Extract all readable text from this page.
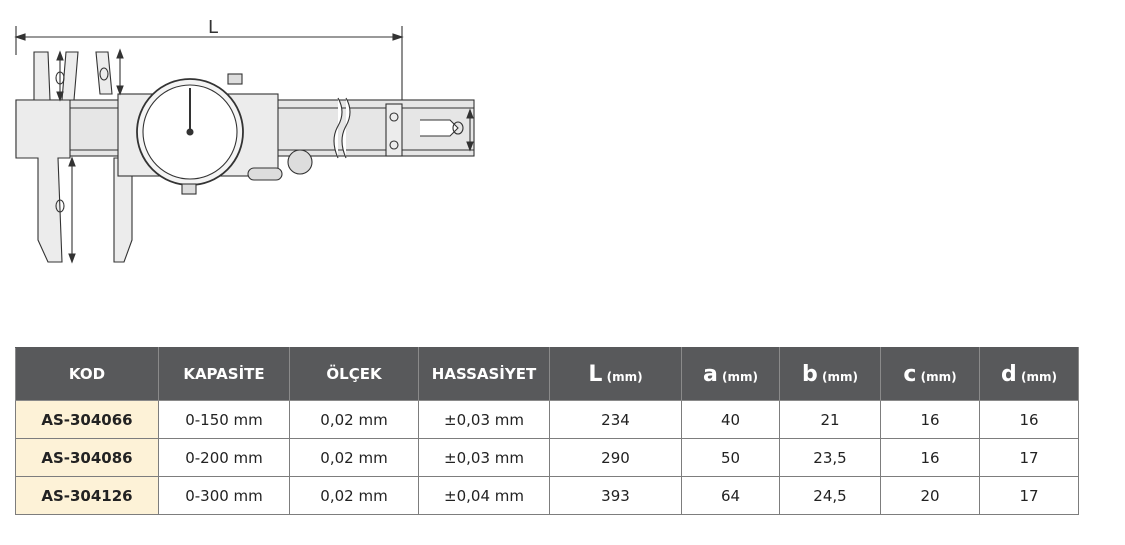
L
KOD	KAPASİTE	ÖLÇEK	HASSASİYET	L (mm)	a (mm)	b (mm)	c (mm)	d (mm)
AS-304066	0-150 mm	0,02 mm	±0,03 mm	234	40	21	16	16
AS-304086	0-200 mm	0,02 mm	±0,03 mm	290	50	23,5	16	17
AS-304126	0-300 mm	0,02 mm	±0,04 mm	393	64	24,5	20	17
